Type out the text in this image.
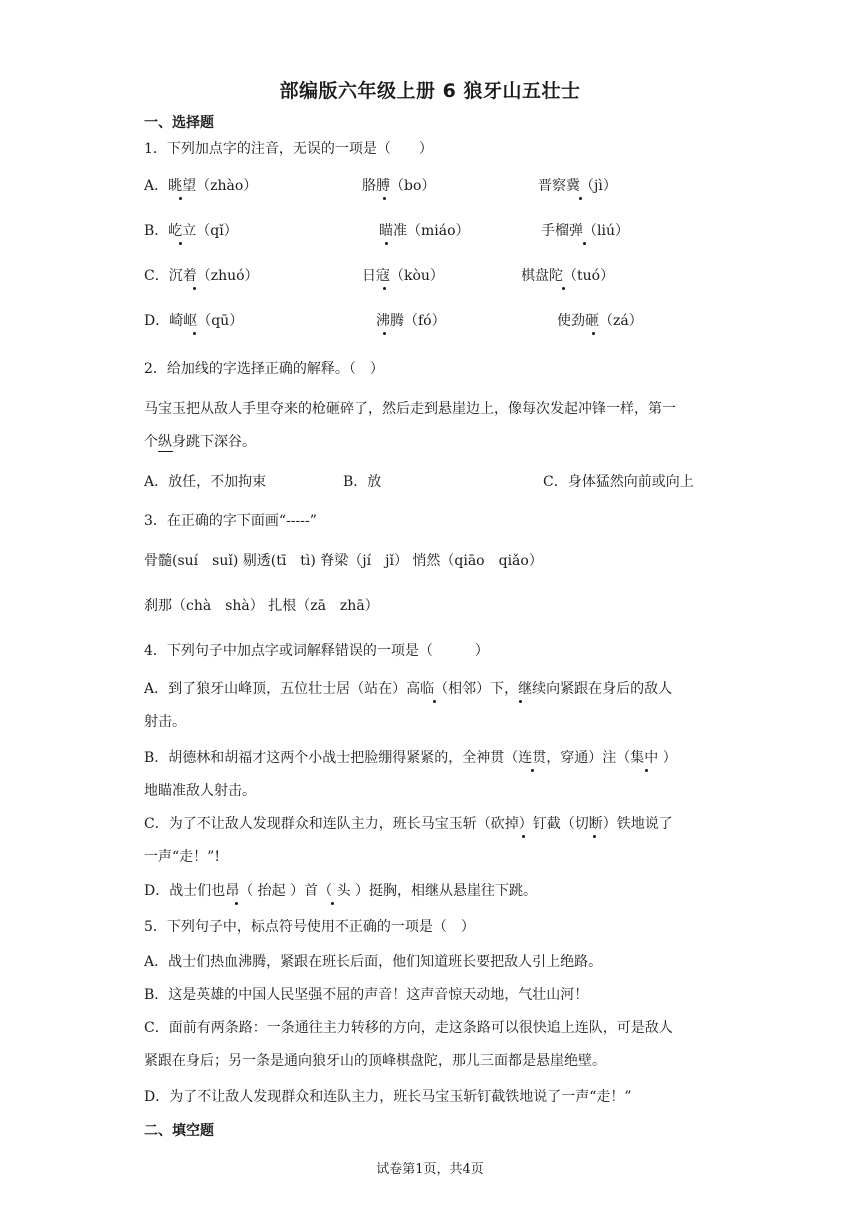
部编版六年级上册 6 狼牙山五壮士
一、选择题
1．下列加点字的注音，无误的一项是（　　）
A．眺望（zhào）	胳膊（bo）	晋察冀（jì）
B．屹立（qǐ）	瞄准（miáo）	手榴弹（liú）
C．沉着（zhuó）	日寇（kòu）	棋盘陀（tuó）
D．崎岖（qū）	沸腾（fó）	使劲砸（zá）
2．给加线的字选择正确的解释。（　）
马宝玉把从敌人手里夺来的枪砸碎了，然后走到悬崖边上，像每次发起冲锋一样，第一
个纵身跳下深谷。
A．放任，不加拘束	B．放	C．身体猛然向前或向上
3．在正确的字下面画“-----”
骨髓(suí　suǐ) 剔透(tī　tì) 脊梁（jí　jǐ） 悄然（qiāo　qiǎo）
刹那（chà　shà） 扎根（zā　zhā）
4．下列句子中加点字或词解释错误的一项是（　　　）
A．到了狼牙山峰顶，五位壮士居（站在）高临（相邻）下，继续向紧跟在身后的敌人
射击。
B．胡德林和胡福才这两个小战士把脸绷得紧紧的，全神贯（连贯，穿通）注（集中 ）
地瞄准敌人射击。
C．为了不让敌人发现群众和连队主力，班长马宝玉斩（砍掉）钉截（切断）铁地说了
一声“走！”!
D．战士们也昂（ 抬起 ）首（ 头 ）挺胸，相继从悬崖往下跳。
5．下列句子中，标点符号使用不正确的一项是（　）
A．战士们热血沸腾，紧跟在班长后面，他们知道班长要把敌人引上绝路。
B．这是英雄的中国人民坚强不屈的声音！这声音惊天动地，气壮山河！
C．面前有两条路：一条通往主力转移的方向，走这条路可以很快追上连队，可是敌人
紧跟在身后；另一条是通向狼牙山的顶峰棋盘陀，那儿三面都是悬崖绝壁。
D．为了不让敌人发现群众和连队主力，班长马宝玉斩钉截铁地说了一声“走！”
二、填空题
试卷第1页，共4页
